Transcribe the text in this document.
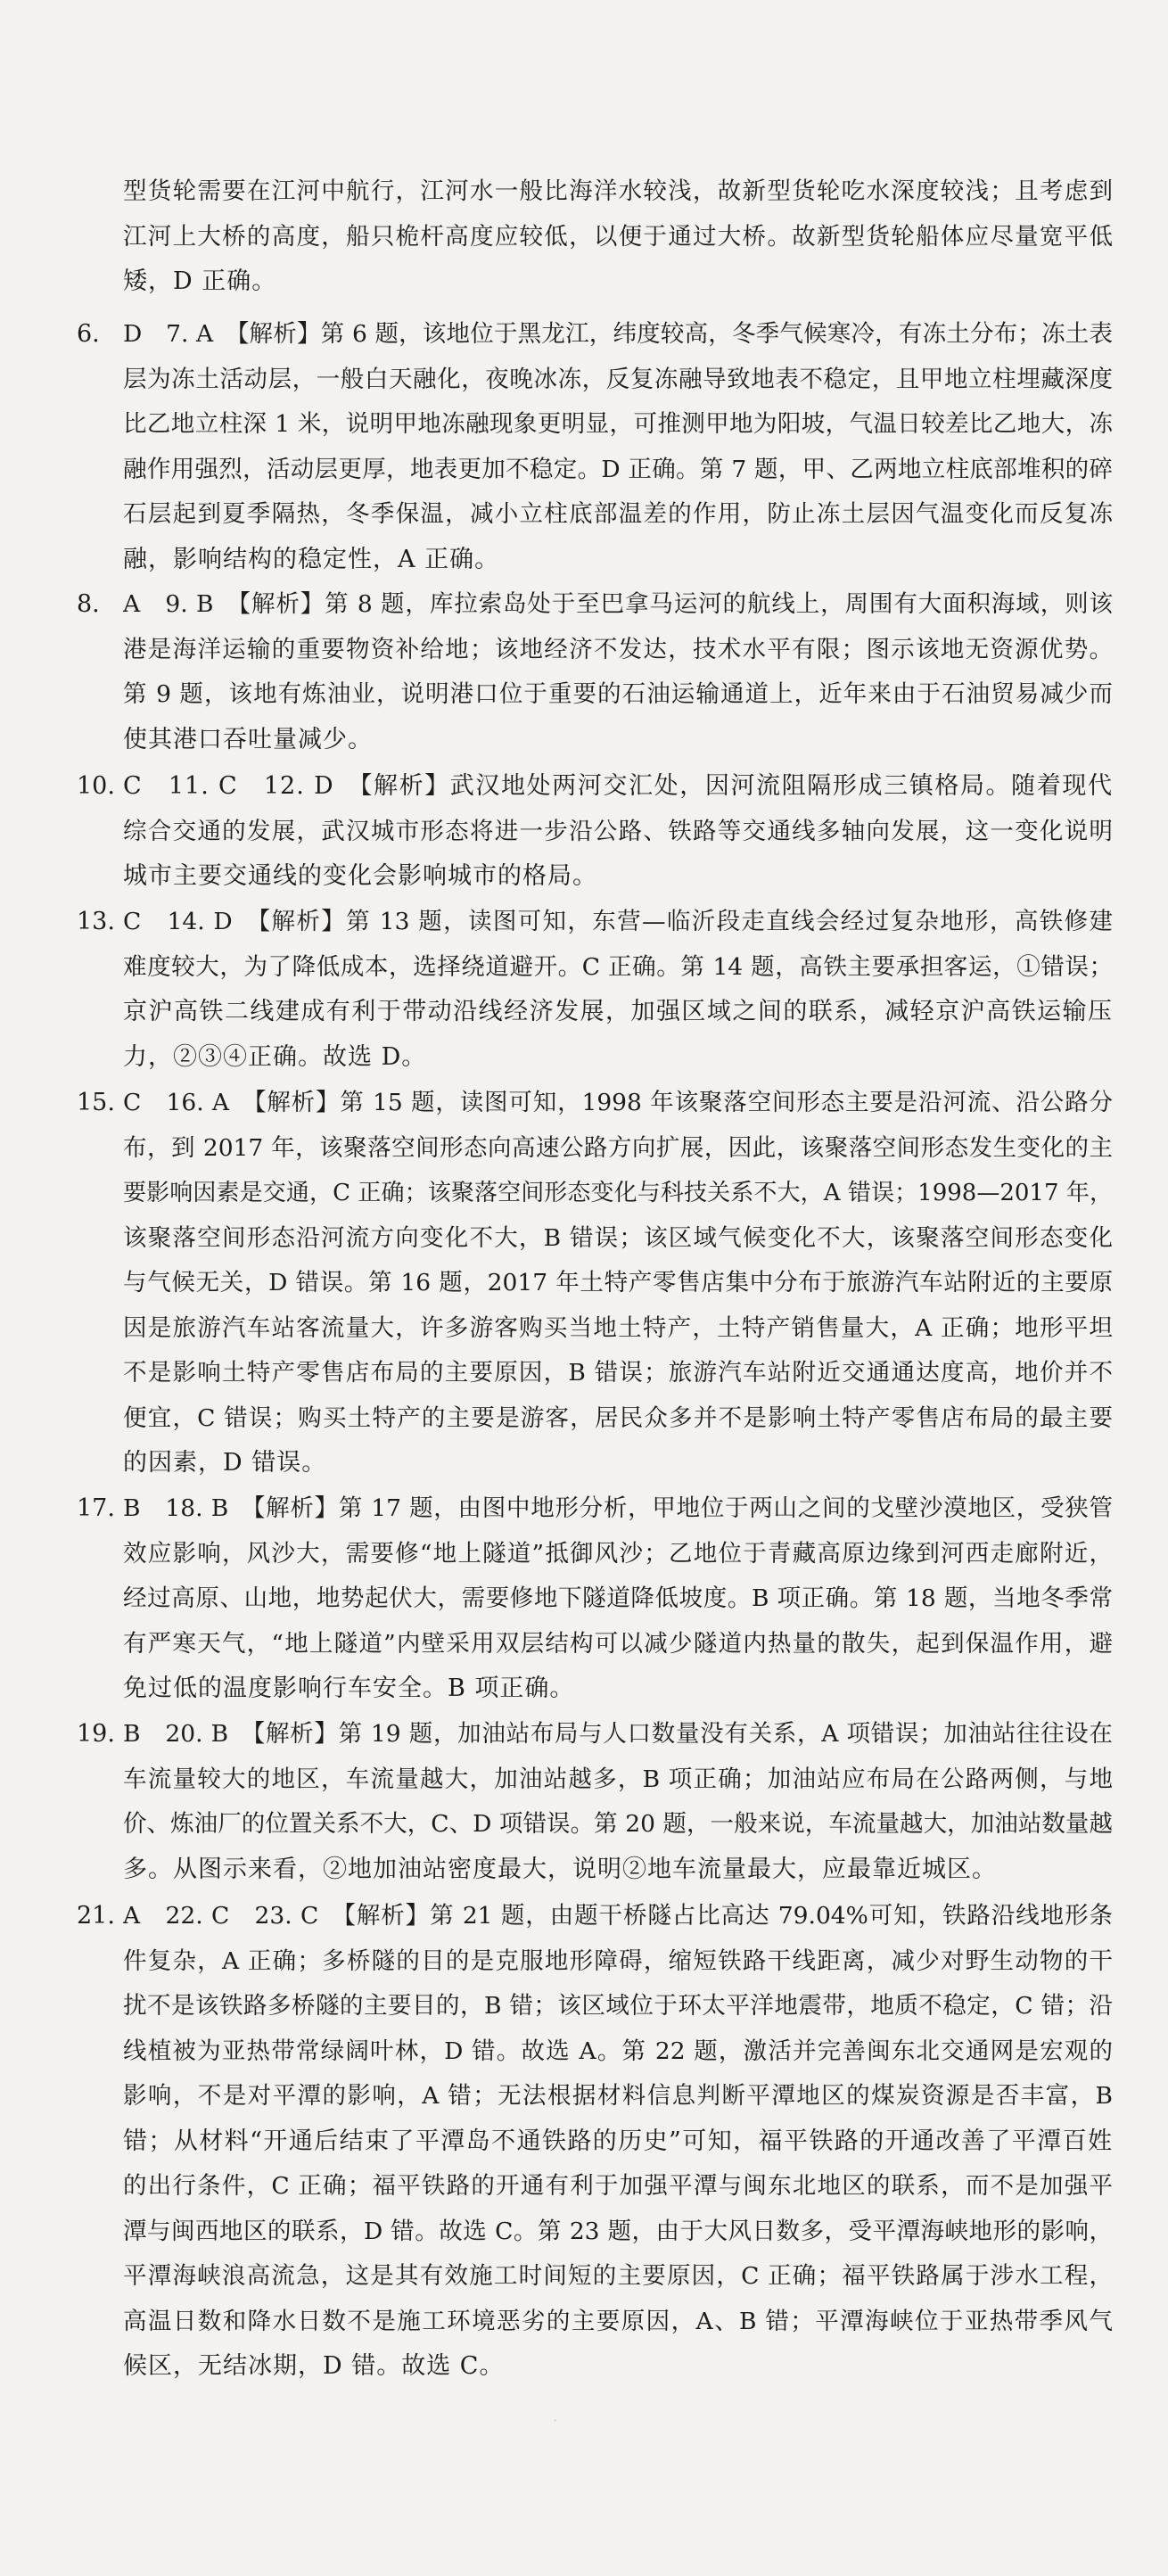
型货轮需要在江河中航行，江河水一般比海洋水较浅，故新型货轮吃水深度较浅；且考虑到
江河上大桥的高度，船只桅杆高度应较低，以便于通过大桥。故新型货轮船体应尽量宽平低
矮，D 正确。
6. D　7. A　【解析】第 6 题，该地位于黑龙江，纬度较高，冬季气候寒冷，有冻土分布；冻土表
层为冻土活动层，一般白天融化，夜晚冰冻，反复冻融导致地表不稳定，且甲地立柱埋藏深度
比乙地立柱深 1 米，说明甲地冻融现象更明显，可推测甲地为阳坡，气温日较差比乙地大，冻
融作用强烈，活动层更厚，地表更加不稳定。D 正确。第 7 题，甲、乙两地立柱底部堆积的碎
石层起到夏季隔热，冬季保温，减小立柱底部温差的作用，防止冻土层因气温变化而反复冻
融，影响结构的稳定性，A 正确。
8. A　9. B　【解析】第 8 题，库拉索岛处于至巴拿马运河的航线上，周围有大面积海域，则该
港是海洋运输的重要物资补给地；该地经济不发达，技术水平有限；图示该地无资源优势。
第 9 题，该地有炼油业，说明港口位于重要的石油运输通道上，近年来由于石油贸易减少而
使其港口吞吐量减少。
10. C　11. C　12. D　【解析】武汉地处两河交汇处，因河流阻隔形成三镇格局。随着现代
综合交通的发展，武汉城市形态将进一步沿公路、铁路等交通线多轴向发展，这一变化说明
城市主要交通线的变化会影响城市的格局。
13. C　14. D　【解析】第 13 题，读图可知，东营—临沂段走直线会经过复杂地形，高铁修建
难度较大，为了降低成本，选择绕道避开。C 正确。第 14 题，高铁主要承担客运，①错误；
京沪高铁二线建成有利于带动沿线经济发展，加强区域之间的联系，减轻京沪高铁运输压
力，②③④正确。故选 D。
15. C　16. A　【解析】第 15 题，读图可知，1998 年该聚落空间形态主要是沿河流、沿公路分
布，到 2017 年，该聚落空间形态向高速公路方向扩展，因此，该聚落空间形态发生变化的主
要影响因素是交通，C 正确；该聚落空间形态变化与科技关系不大，A 错误；1998—2017 年，
该聚落空间形态沿河流方向变化不大，B 错误；该区域气候变化不大，该聚落空间形态变化
与气候无关，D 错误。第 16 题，2017 年土特产零售店集中分布于旅游汽车站附近的主要原
因是旅游汽车站客流量大，许多游客购买当地土特产，土特产销售量大，A 正确；地形平坦
不是影响土特产零售店布局的主要原因，B 错误；旅游汽车站附近交通通达度高，地价并不
便宜，C 错误；购买土特产的主要是游客，居民众多并不是影响土特产零售店布局的最主要
的因素，D 错误。
17. B　18. B　【解析】第 17 题，由图中地形分析，甲地位于两山之间的戈壁沙漠地区，受狭管
效应影响，风沙大，需要修“地上隧道”抵御风沙；乙地位于青藏高原边缘到河西走廊附近，
经过高原、山地，地势起伏大，需要修地下隧道降低坡度。B 项正确。第 18 题，当地冬季常
有严寒天气，“地上隧道”内壁采用双层结构可以减少隧道内热量的散失，起到保温作用，避
免过低的温度影响行车安全。B 项正确。
19. B　20. B　【解析】第 19 题，加油站布局与人口数量没有关系，A 项错误；加油站往往设在
车流量较大的地区，车流量越大，加油站越多，B 项正确；加油站应布局在公路两侧，与地
价、炼油厂的位置关系不大，C、D 项错误。第 20 题，一般来说，车流量越大，加油站数量越
多。从图示来看，②地加油站密度最大，说明②地车流量最大，应最靠近城区。
21. A　22. C　23. C　【解析】第 21 题，由题干桥隧占比高达 79.04%可知，铁路沿线地形条
件复杂，A 正确；多桥隧的目的是克服地形障碍，缩短铁路干线距离，减少对野生动物的干
扰不是该铁路多桥隧的主要目的，B 错；该区域位于环太平洋地震带，地质不稳定，C 错；沿
线植被为亚热带常绿阔叶林，D 错。故选 A。第 22 题，激活并完善闽东北交通网是宏观的
影响，不是对平潭的影响，A 错；无法根据材料信息判断平潭地区的煤炭资源是否丰富，B
错；从材料“开通后结束了平潭岛不通铁路的历史”可知，福平铁路的开通改善了平潭百姓
的出行条件，C 正确；福平铁路的开通有利于加强平潭与闽东北地区的联系，而不是加强平
潭与闽西地区的联系，D 错。故选 C。第 23 题，由于大风日数多，受平潭海峡地形的影响，
平潭海峡浪高流急，这是其有效施工时间短的主要原因，C 正确；福平铁路属于涉水工程，
高温日数和降水日数不是施工环境恶劣的主要原因，A、B 错；平潭海峡位于亚热带季风气
候区，无结冰期，D 错。故选 C。
·
